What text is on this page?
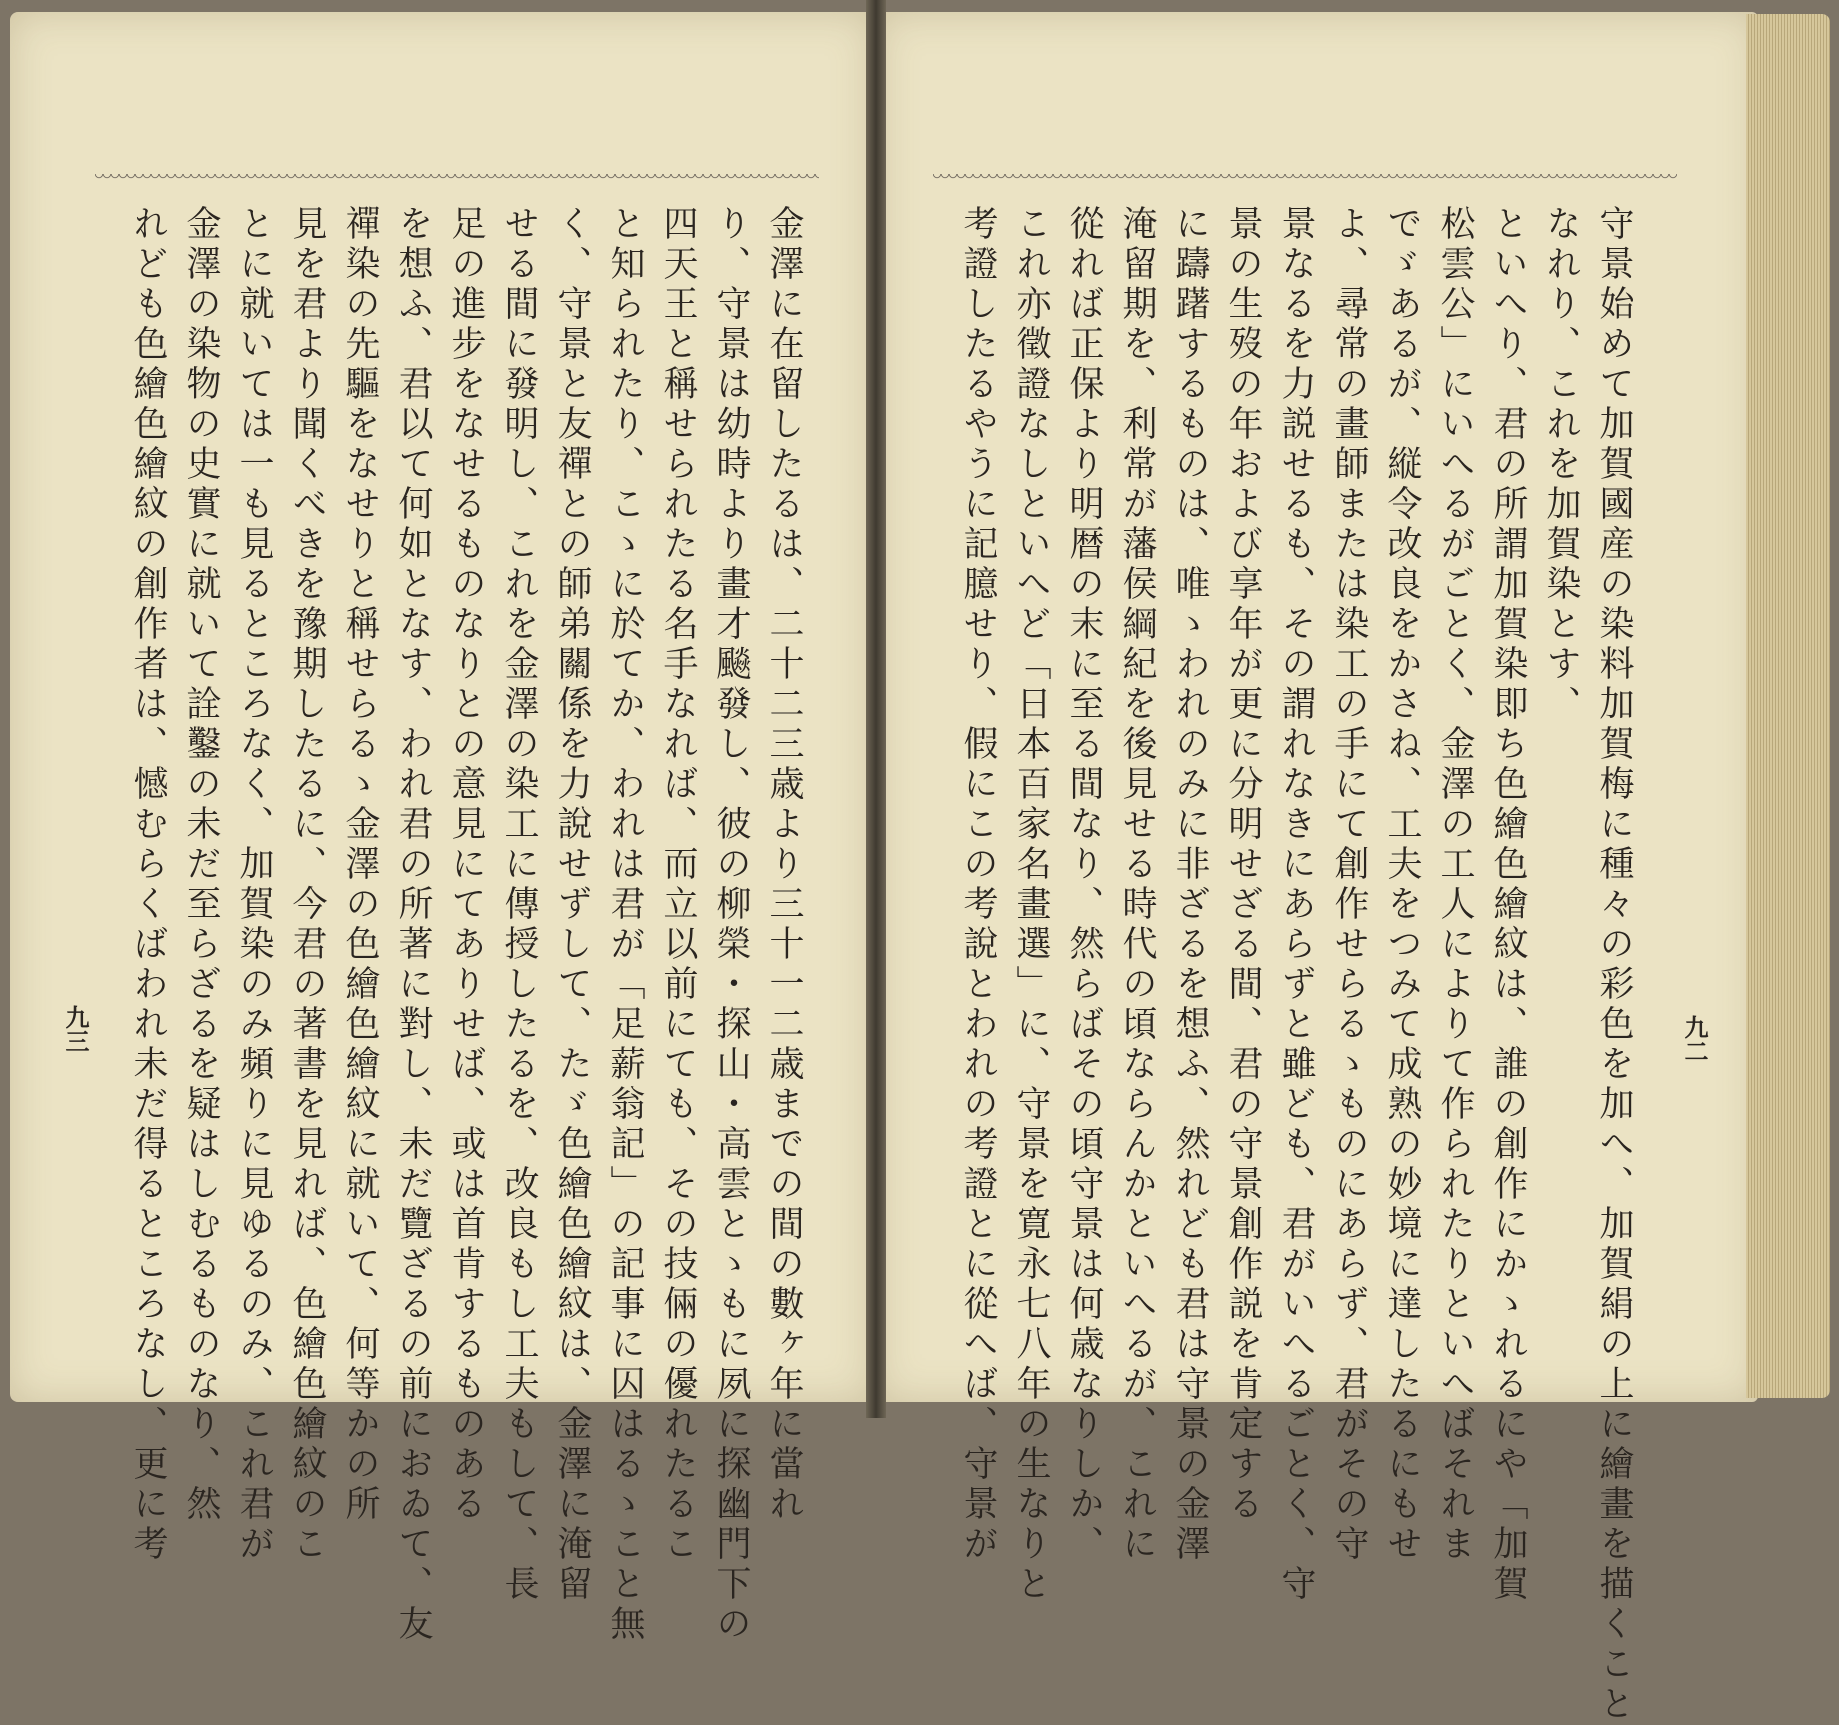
守景始めて加賀國産の染料加賀梅に種々の彩色を加へ、加賀絹の上に繪畫を描くこと
なれり、これを加賀染とす、
といへり、君の所謂加賀染即ち色繪色繪紋は、誰の創作にかゝれるにや「加賀
松雲公」にいへるがごとく、金澤の工人によりて作られたりといへばそれま
でゞあるが、縦令改良をかさね、工夫をつみて成熟の妙境に達したるにもせ
よ、尋常の畫師または染工の手にて創作せらるゝものにあらず、君がその守
景なるを力説せるも、その謂れなきにあらずと雖ども、君がいへるごとく、守
景の生歿の年および享年が更に分明せざる間、君の守景創作説を肯定する
に躊躇するものは、唯ゝわれのみに非ざるを想ふ、然れども君は守景の金澤
淹留期を、利常が藩侯綱紀を後見せる時代の頃ならんかといへるが、これに
從れば正保より明暦の末に至る間なり、然らばその頃守景は何歳なりしか、
これ亦徵證なしといへど「日本百家名畫選」に、守景を寛永七八年の生なりと
考證したるやうに記臆せり、假にこの考說とわれの考證とに從へば、守景が	九二
金澤に在留したるは、二十二三歳より三十一二歳までの間の數ヶ年に當れ
り、守景は幼時より畫才飈發し、彼の柳榮・探山・高雲とゝもに夙に探幽門下の
四天王と稱せられたる名手なれば、而立以前にても、その技倆の優れたるこ
と知られたり、こゝに於てか、われは君が「足薪翁記」の記事に囚はるゝこと無
く、守景と友禪との師弟關係を力說せずして、たゞ色繪色繪紋は、金澤に淹留
せる間に發明し、これを金澤の染工に傳授したるを、改良もし工夫もして、長
足の進步をなせるものなりとの意見にてありせば、或は首肯するものある
を想ふ、君以て何如となす、われ君の所著に對し、未だ覽ざるの前におゐて、友
禪染の先驅をなせりと稱せらるゝ金澤の色繪色繪紋に就いて、何等かの所
見を君より聞くべきを豫期したるに、今君の著書を見れば、色繪色繪紋のこ
とに就いては一も見るところなく、加賀染のみ頻りに見ゆるのみ、これ君が
金澤の染物の史實に就いて詮鑿の未だ至らざるを疑はしむるものなり、然
れども色繪色繪紋の創作者は、憾むらくばわれ未だ得るところなし、更に考
九三
